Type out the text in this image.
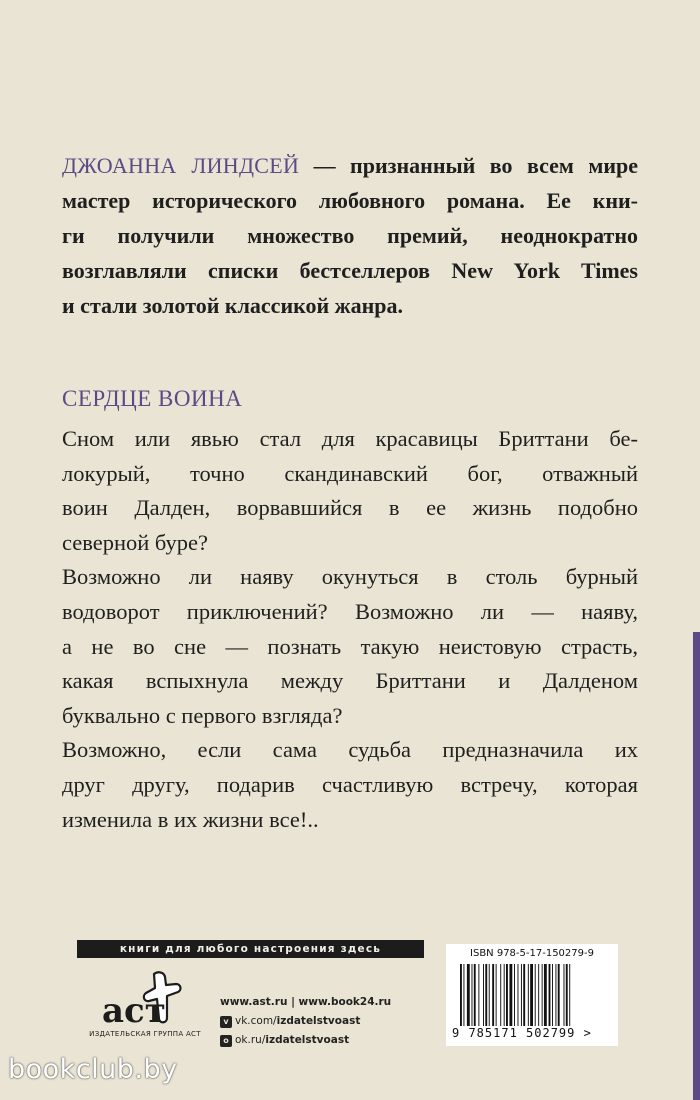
ДЖОАННА ЛИНДСЕЙ — признанный во всем мире
мастер исторического любовного романа. Ее кни-
ги получили множество премий, неоднократно
возглавляли списки бестселлеров New York Times
и стали золотой классикой жанра.
СЕРДЦЕ ВОИНА
Сном или явью стал для красавицы Бриттани бе-
локурый, точно скандинавский бог, отважный
воин Далден, ворвавшийся в ее жизнь подобно
северной буре?
Возможно ли наяву окунуться в столь бурный
водоворот приключений? Возможно ли — наяву,
а не во сне — познать такую неистовую страсть,
какая вспыхнула между Бриттани и Далденом
буквально с первого взгляда?
Возможно, если сама судьба предназначила их
друг другу, подарив счастливую встречу, которая
изменила в их жизни все!..
книги для любого настроения здесь
аст
ИЗДАТЕЛЬСКАЯ ГРУППА АСТ
www.ast.ru | www.book24.ru
v vk.com/ izdatelstvoast
o ok.ru/ izdatelstvoast
ISBN 978-5-17-150279-9
9 785171 502799 >
bookclub.by
